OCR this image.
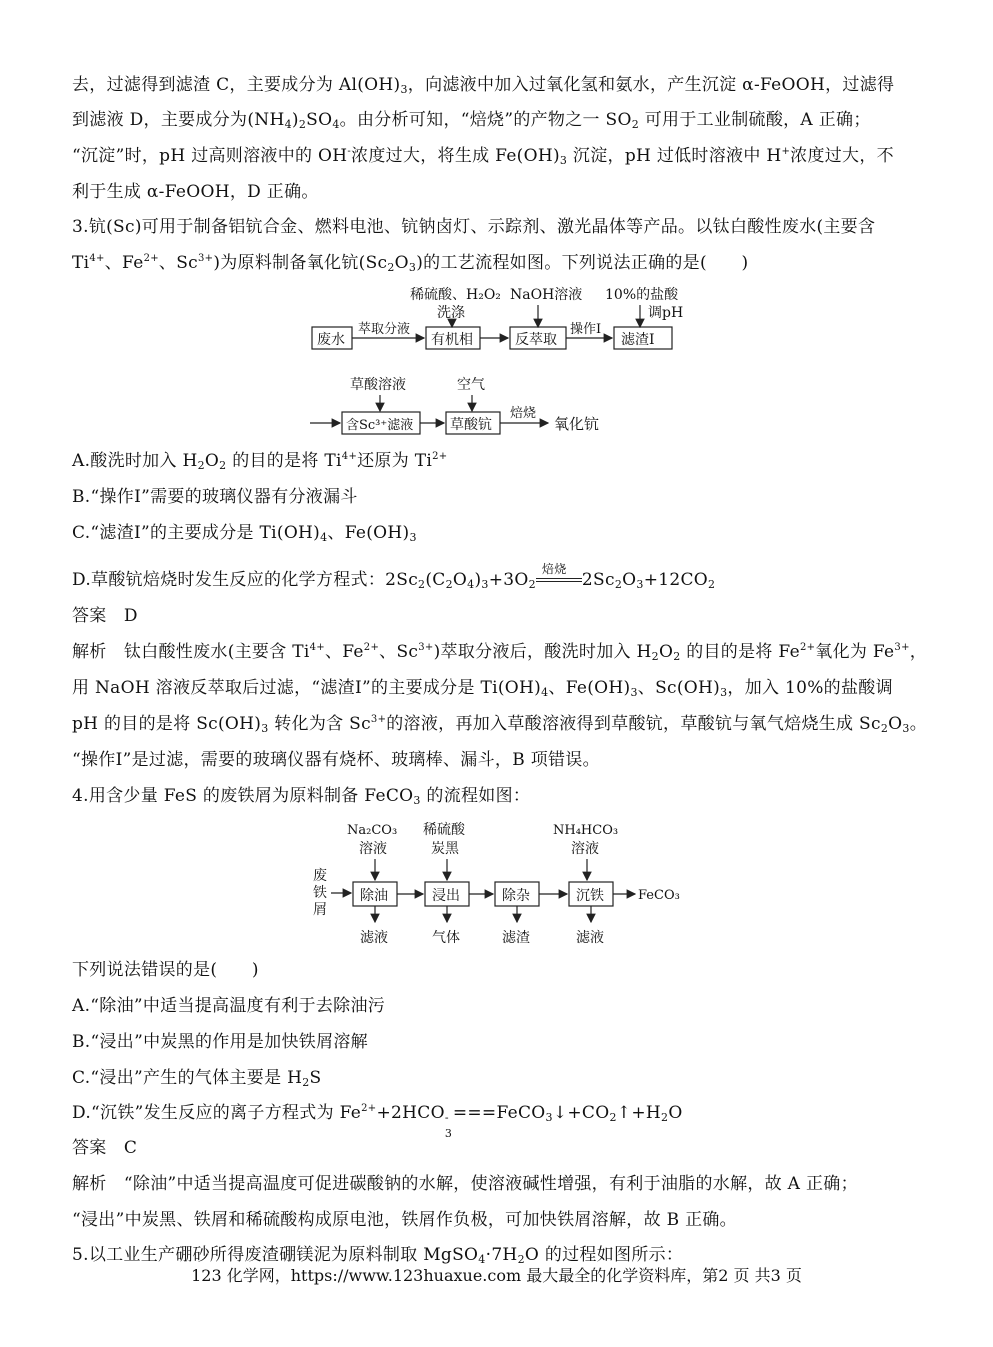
去，过滤得到滤渣 C，主要成分为 $Al(OH)_3$，向滤液中加入过氧化氢和氨水，产生沉淀 α-FeOOH，过滤得
到滤液 D，主要成分为$(NH_4)_2SO_4$。由分析可知，“焙烧”的产物之一 $SO_2$ 可用于工业制硫酸，A 正确；
“沉淀”时，pH 过高则溶液中的 OH-浓度过大，将生成 $Fe(OH)_3$ 沉淀，pH 过低时溶液中 H+浓度过大，不
利于生成 α-FeOOH，D 正确。
3.钪(Sc)可用于制备铝钪合金、燃料电池、钪钠卤灯、示踪剂、激光晶体等产品。以钛白酸性废水(主要含
$Ti^{4+}$、$Fe^{2+}$、$Sc^{3+}$)为原料制备氧化钪$(Sc_2O_3)$的工艺流程如图。下列说法正确的是(　　)
A.酸洗时加入 $H_2O_2$ 的目的是将 $Ti^{4+}$还原为 $Ti^{2+}$
B.“操作Ⅰ”需要的玻璃仪器有分液漏斗
C.“滤渣Ⅰ”的主要成分是 $Ti(OH)_4$、$Fe(OH)_3$
D.草酸钪焙烧时发生反应的化学方程式：$2Sc_2(C_2O_4)_3+3O_2$
焙烧
$2Sc_2O_3+12CO_2$
答案　D
解析　钛白酸性废水(主要含 $Ti^{4+}$、$Fe^{2+}$、$Sc^{3+}$)萃取分液后，酸洗时加入 $H_2O_2$ 的目的是将 $Fe^{2+}$氧化为 $Fe^{3+}$，
用 NaOH 溶液反萃取后过滤，“滤渣Ⅰ”的主要成分是 $Ti(OH)_4$、$Fe(OH)_3$、$Sc(OH)_3$，加入 10%的盐酸调
pH 的目的是将 $Sc(OH)_3$ 转化为含 $Sc^{3+}$的溶液，再加入草酸溶液得到草酸钪，草酸钪与氧气焙烧生成 $Sc_2O_3$。
“操作Ⅰ”是过滤，需要的玻璃仪器有烧杯、玻璃棒、漏斗，B 项错误。
4.用含少量 FeS 的废铁屑为原料制备 FeCO$_3$ 的流程如图：
下列说法错误的是(　　)
A.“除油”中适当提高温度有利于去除油污
B.“浸出”中炭黑的作用是加快铁屑溶解
C.“浸出”产生的气体主要是 $H_2S$
D.“沉铁”发生反应的离子方程式为 $Fe^{2+}+2HCO$ -
3
$===FeCO_3↓+CO_2↑+H_2O$
答案　C
解析　“除油”中适当提高温度可促进碳酸钠的水解，使溶液碱性增强，有利于油脂的水解，故 A 正确；
“浸出”中炭黑、铁屑和稀硫酸构成原电池，铁屑作负极，可加快铁屑溶解，故 B 正确。
5.以工业生产硼砂所得废渣硼镁泥为原料制取 $MgSO_4\cdot 7H_2O$ 的过程如图所示：
稀硫酸、H₂O₂
洗涤
NaOH溶液 10%的盐酸
调pH
废水
萃取分液
有机相	反萃取
操作Ⅰ
滤渣Ⅰ
草酸溶液	空气
含Sc³⁺滤液	草酸钪
焙烧
氧化钪
废
铁
屑
Na₂CO₃
溶液
稀硫酸
炭黑
NH₄HCO₃
溶液
除油	浸出	除杂	沉铁	FeCO₃
滤液	气体	滤渣	滤液
123 化学网，https://www.123huaxue.com 最大最全的化学资料库，第2 页 共3 页
